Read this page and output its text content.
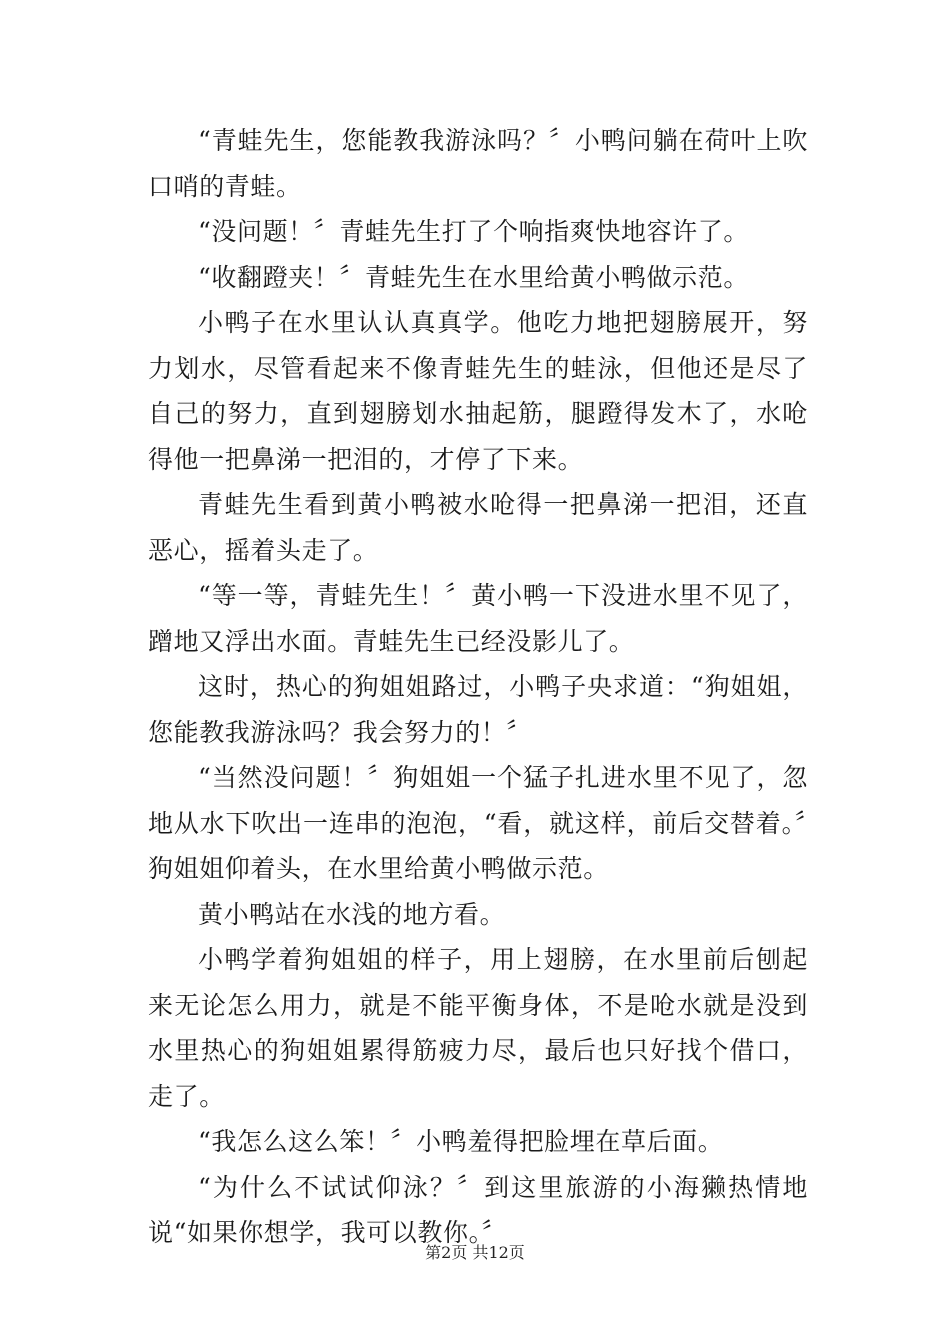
“青蛙先生，您能教我游泳吗？〞小鸭问躺在荷叶上吹口哨的青蛙。

“没问题！〞青蛙先生打了个响指爽快地容许了。

“收翻蹬夹！〞青蛙先生在水里给黄小鸭做示范。

小鸭子在水里认认真真学。他吃力地把翅膀展开，努力划水，尽管看起来不像青蛙先生的蛙泳，但他还是尽了自己的努力，直到翅膀划水抽起筋，腿蹬得发木了，水呛得他一把鼻涕一把泪的，才停了下来。

青蛙先生看到黄小鸭被水呛得一把鼻涕一把泪，还直恶心，摇着头走了。

“等一等，青蛙先生！〞黄小鸭一下没进水里不见了，蹭地又浮出水面。青蛙先生已经没影儿了。

这时，热心的狗姐姐路过，小鸭子央求道：“狗姐姐，您能教我游泳吗？我会努力的！〞

“当然没问题！〞狗姐姐一个猛子扎进水里不见了，忽地从水下吹出一连串的泡泡，“看，就这样，前后交替着。〞狗姐姐仰着头，在水里给黄小鸭做示范。

黄小鸭站在水浅的地方看。

小鸭学着狗姐姐的样子，用上翅膀，在水里前后刨起来无论怎么用力，就是不能平衡身体，不是呛水就是没到水里热心的狗姐姐累得筋疲力尽，最后也只好找个借口，走了。

“我怎么这么笨！〞小鸭羞得把脸埋在草后面。

“为什么不试试仰泳？〞到这里旅游的小海獭热情地说“如果你想学，我可以教你。〞

第2页 共12页
